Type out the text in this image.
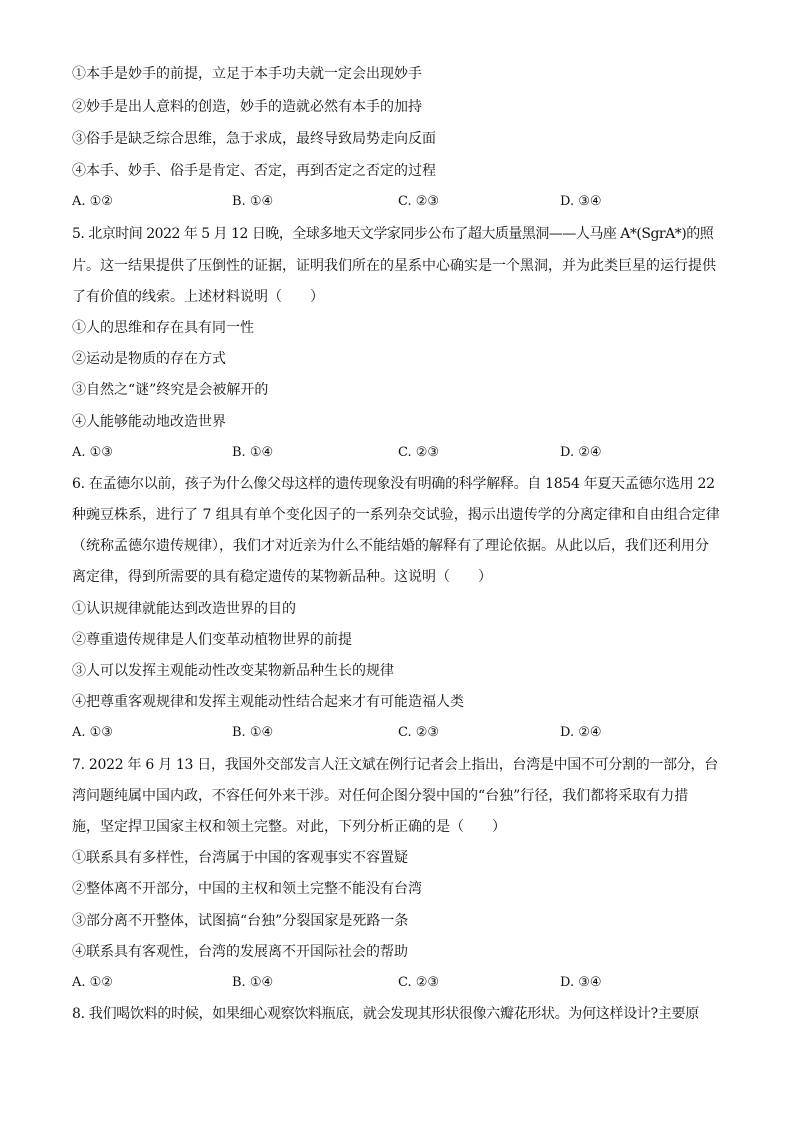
①本手是妙手的前提，立足于本手功夫就一定会出现妙手
②妙手是出人意料的创造，妙手的造就必然有本手的加持
③俗手是缺乏综合思维，急于求成，最终导致局势走向反面
④本手、妙手、俗手是肯定、否定，再到否定之否定的过程
A. ①②	B. ①④	C. ②③	D. ③④
5. 北京时间 2022 年 5 月 12 日晚，全球多地天文学家同步公布了超大质量黑洞——人马座 A*(SgrA*)的照
片。这一结果提供了压倒性的证据，证明我们所在的星系中心确实是一个黑洞，并为此类巨星的运行提供
了有价值的线索。上述材料说明（　　）
①人的思维和存在具有同一性
②运动是物质的存在方式
③自然之“谜”终究是会被解开的
④人能够能动地改造世界
A. ①③	B. ①④	C. ②③	D. ②④
6. 在孟德尔以前，孩子为什么像父母这样的遗传现象没有明确的科学解释。自 1854 年夏天孟德尔选用 22
种豌豆株系，进行了 7 组具有单个变化因子的一系列杂交试验，揭示出遗传学的分离定律和自由组合定律
（统称孟德尔遗传规律），我们才对近亲为什么不能结婚的解释有了理论依据。从此以后，我们还利用分
离定律，得到所需要的具有稳定遗传的某物新品种。这说明（　　）
①认识规律就能达到改造世界的目的
②尊重遗传规律是人们变革动植物世界的前提
③人可以发挥主观能动性改变某物新品种生长的规律
④把尊重客观规律和发挥主观能动性结合起来才有可能造福人类
A. ①③	B. ①④	C. ②③	D. ②④
7. 2022 年 6 月 13 日，我国外交部发言人汪文斌在例行记者会上指出，台湾是中国不可分割的一部分，台
湾问题纯属中国内政，不容任何外来干涉。对任何企图分裂中国的“台独”行径，我们都将采取有力措
施，坚定捍卫国家主权和领土完整。对此，下列分析正确的是（　　）
①联系具有多样性，台湾属于中国的客观事实不容置疑
②整体离不开部分，中国的主权和领土完整不能没有台湾
③部分离不开整体，试图搞“台独”分裂国家是死路一条
④联系具有客观性，台湾的发展离不开国际社会的帮助
A. ①②	B. ①④	C. ②③	D. ③④
8. 我们喝饮料的时候，如果细心观察饮料瓶底，就会发现其形状很像六瓣花形状。为何这样设计?主要原
